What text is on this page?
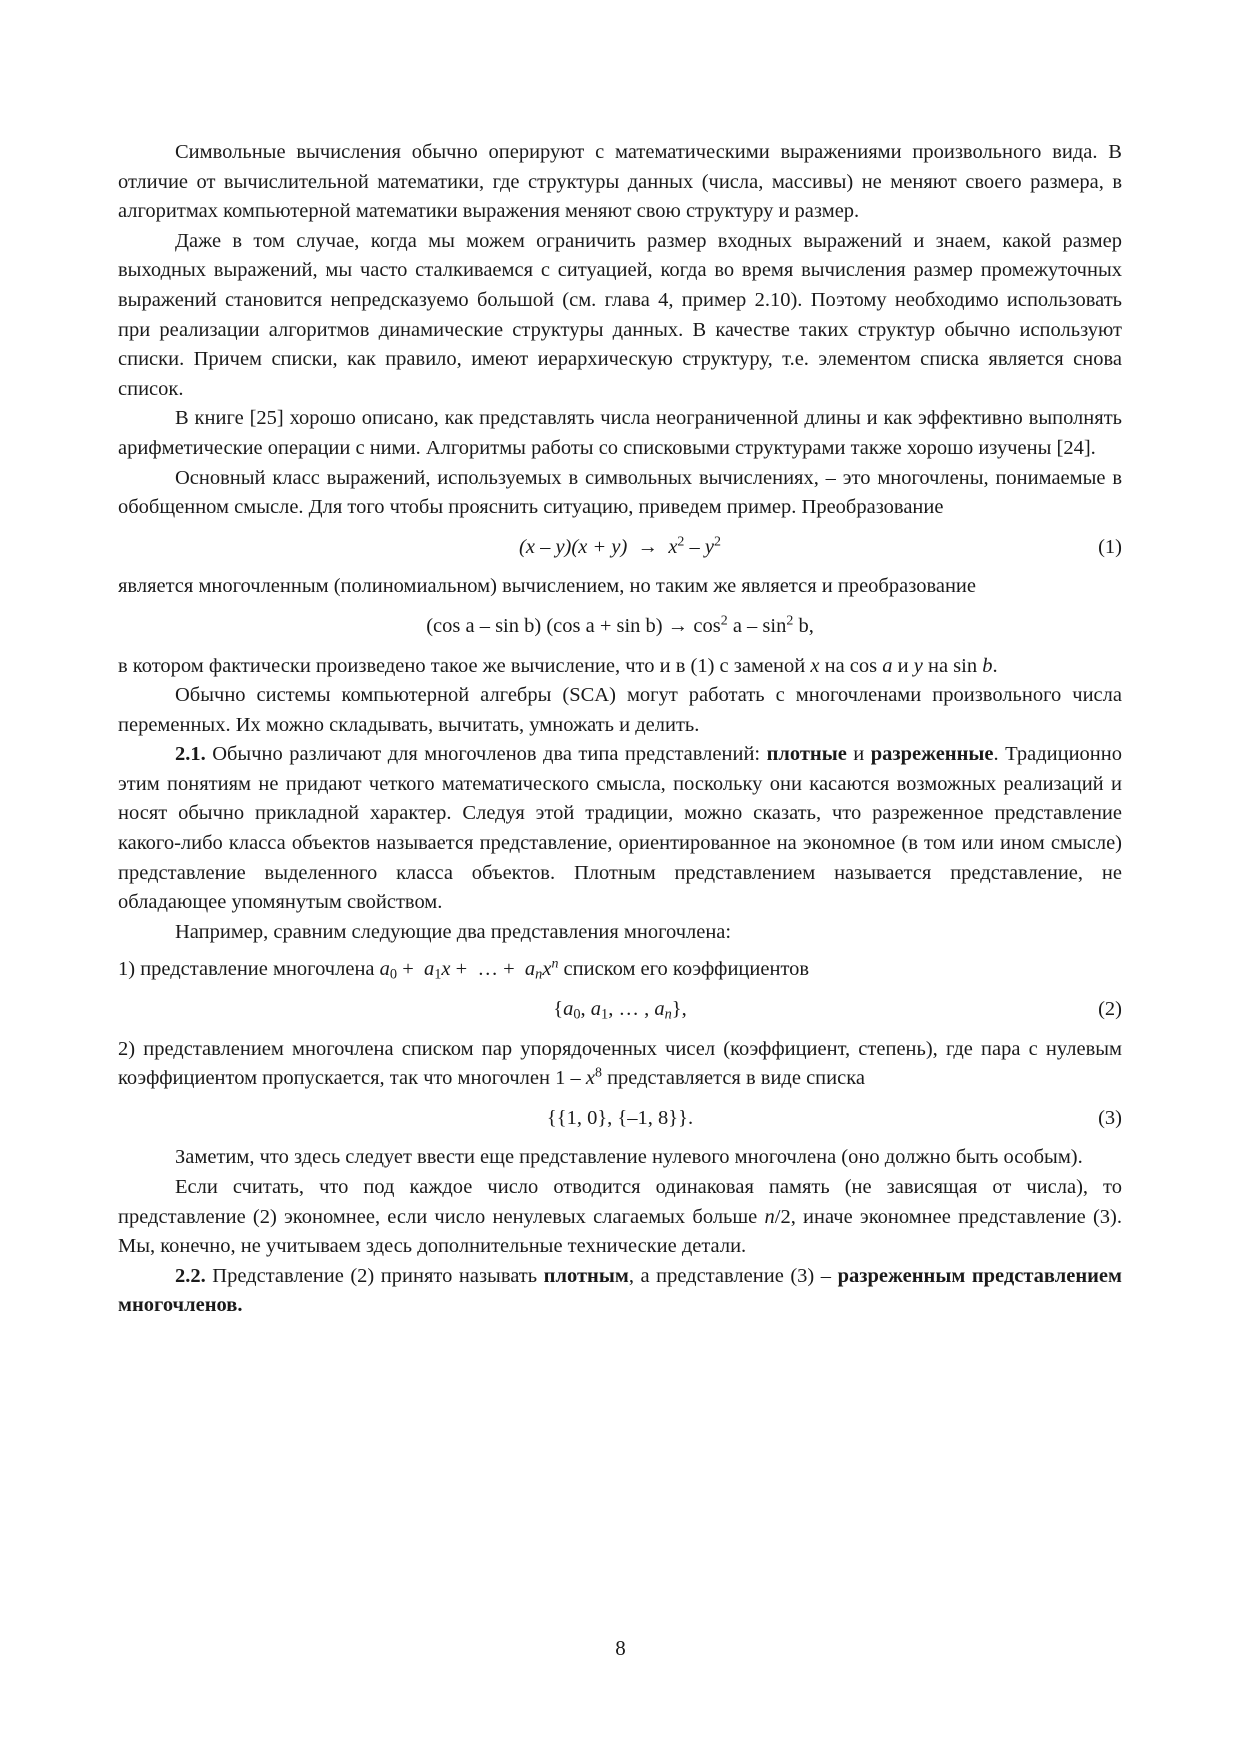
Символьные вычисления обычно оперируют с математическими выражениями произвольного вида. В отличие от вычислительной математики, где структуры данных (числа, массивы) не меняют своего размера, в алгоритмах компьютерной математики выражения меняют свою структуру и размер.

Даже в том случае, когда мы можем ограничить размер входных выражений и знаем, какой размер выходных выражений, мы часто сталкиваемся с ситуацией, когда во время вычисления размер промежуточных выражений становится непредсказуемо большой (см. глава 4, пример 2.10). Поэтому необходимо использовать при реализации алгоритмов динамические структуры данных. В качестве таких структур обычно используют списки. Причем списки, как правило, имеют иерархическую структуру, т.е. элементом списка является снова список.

В книге [25] хорошо описано, как представлять числа неограниченной длины и как эффективно выполнять арифметические операции с ними. Алгоритмы работы со списковыми структурами также хорошо изучены [24].

Основный класс выражений, используемых в символьных вычислениях, – это многочлены, понимаемые в обобщенном смысле. Для того чтобы прояснить ситуацию, приведем пример. Преобразование

$(x - y)(x + y) \to x^2 - y^2$	(1)

является многочленным (полиномиальном) вычислением, но таким же является и преобразование

(cos a – sin b) (cos $a + \sin b) \to \cos^2 a - \sin^2 b$,

в котором фактически произведено такое же вычисление, что и в (1) с заменой x на cos a и y на sin b.

Обычно системы компьютерной алгебры (SCA) могут работать с многочленами произвольного числа переменных. Их можно складывать, вычитать, умножать и делить.

2.1. Обычно различают для многочленов два типа представлений: плотные и разреженные. Традиционно этим понятиям не придают четкого математического смысла, поскольку они касаются возможных реализаций и носят обычно прикладной характер. Следуя этой традиции, можно сказать, что разреженное представление какого-либо класса объектов называется представление, ориентированное на экономное (в том или ином смысле) представление выделенного класса объектов. Плотным представлением называется представление, не обладающее упомянутым свойством.

Например, сравним следующие два представления многочлена:

1) представление многочлена $a_0 + a_1x$ +  … +  $a_nx^n$ списком его коэффициентов

{$a_0$, $a_1$, … , $a_n$},	(2)

2) представлением многочлена списком пар упорядоченных чисел (коэффициент, степень), где пара с нулевым коэффициентом пропускается, так что многочлен $1 - x^8$ представляется в виде списка

{{1, 0}, {–1, 8}}.	(3)

Заметим, что здесь следует ввести еще представление нулевого многочлена (оно должно быть особым).

Если считать, что под каждое число отводится одинаковая память (не зависящая от числа), то представление (2) экономнее, если число ненулевых слагаемых больше n/2, иначе экономнее представление (3). Мы, конечно, не учитываем здесь дополнительные технические детали.

2.2. Представление (2) принято называть плотным, а представление (3) – разреженным представлением многочленов.

8
